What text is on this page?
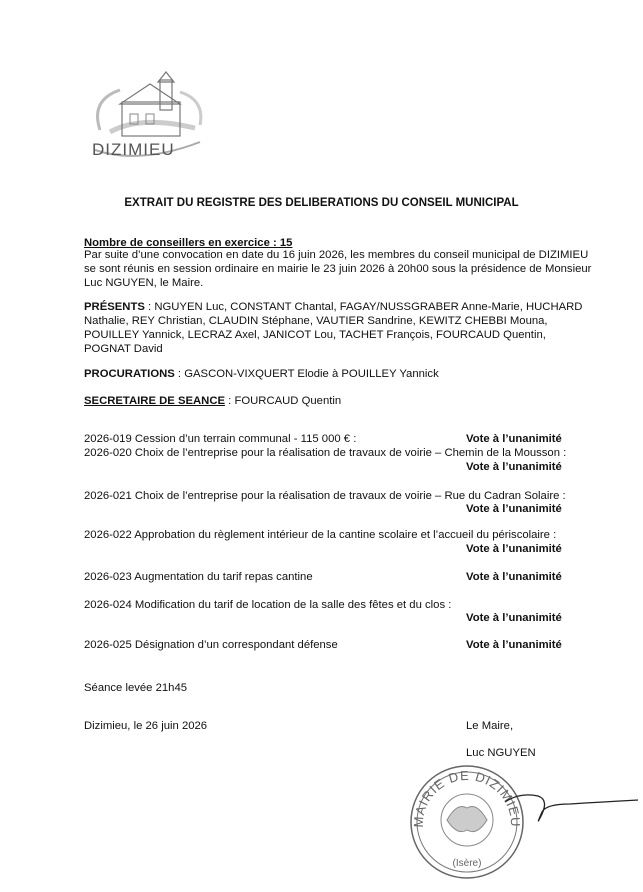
DIZIMIEU
EXTRAIT DU REGISTRE DES DELIBERATIONS DU CONSEIL MUNICIPAL
Nombre de conseillers en exercice : 15
Par suite d’une convocation en date du 16 juin 2026, les membres du conseil municipal de DIZIMIEU
se sont réunis en session ordinaire en mairie le 23 juin 2026 à 20h00 sous la présidence de Monsieur
Luc NGUYEN, le Maire.
PRÉSENTS : NGUYEN Luc, CONSTANT Chantal, FAGAY/NUSSGRABER Anne-Marie, HUCHARD
Nathalie, REY Christian, CLAUDIN Stéphane, VAUTIER Sandrine, KEWITZ CHEBBI Mouna,
POUILLEY Yannick, LECRAZ Axel, JANICOT Lou, TACHET François, FOURCAUD Quentin,
POGNAT David
PROCURATIONS : GASCON-VIXQUERT Elodie à POUILLEY Yannick
SECRETAIRE DE SEANCE : FOURCAUD Quentin
2026-019 Cession d’un terrain communal - 115 000 € :	Vote à l’unanimité
2026-020 Choix de l’entreprise pour la réalisation de travaux de voirie – Chemin de la Mousson :
Vote à l’unanimité
2026-021 Choix de l’entreprise pour la réalisation de travaux de voirie – Rue du Cadran Solaire :
Vote à l’unanimité
2026-022 Approbation du règlement intérieur de la cantine scolaire et l’accueil du périscolaire :
Vote à l’unanimité
2026-023 Augmentation du tarif repas cantine	Vote à l’unanimité
2026-024 Modification du tarif de location de la salle des fêtes et du clos :
Vote à l’unanimité
2026-025 Désignation d’un correspondant défense	Vote à l’unanimité
Séance levée 21h45
Dizimieu, le 26 juin 2026	Le Maire,
Luc NGUYEN
MAIRIE DE DIZIMIEU
(Isère)
